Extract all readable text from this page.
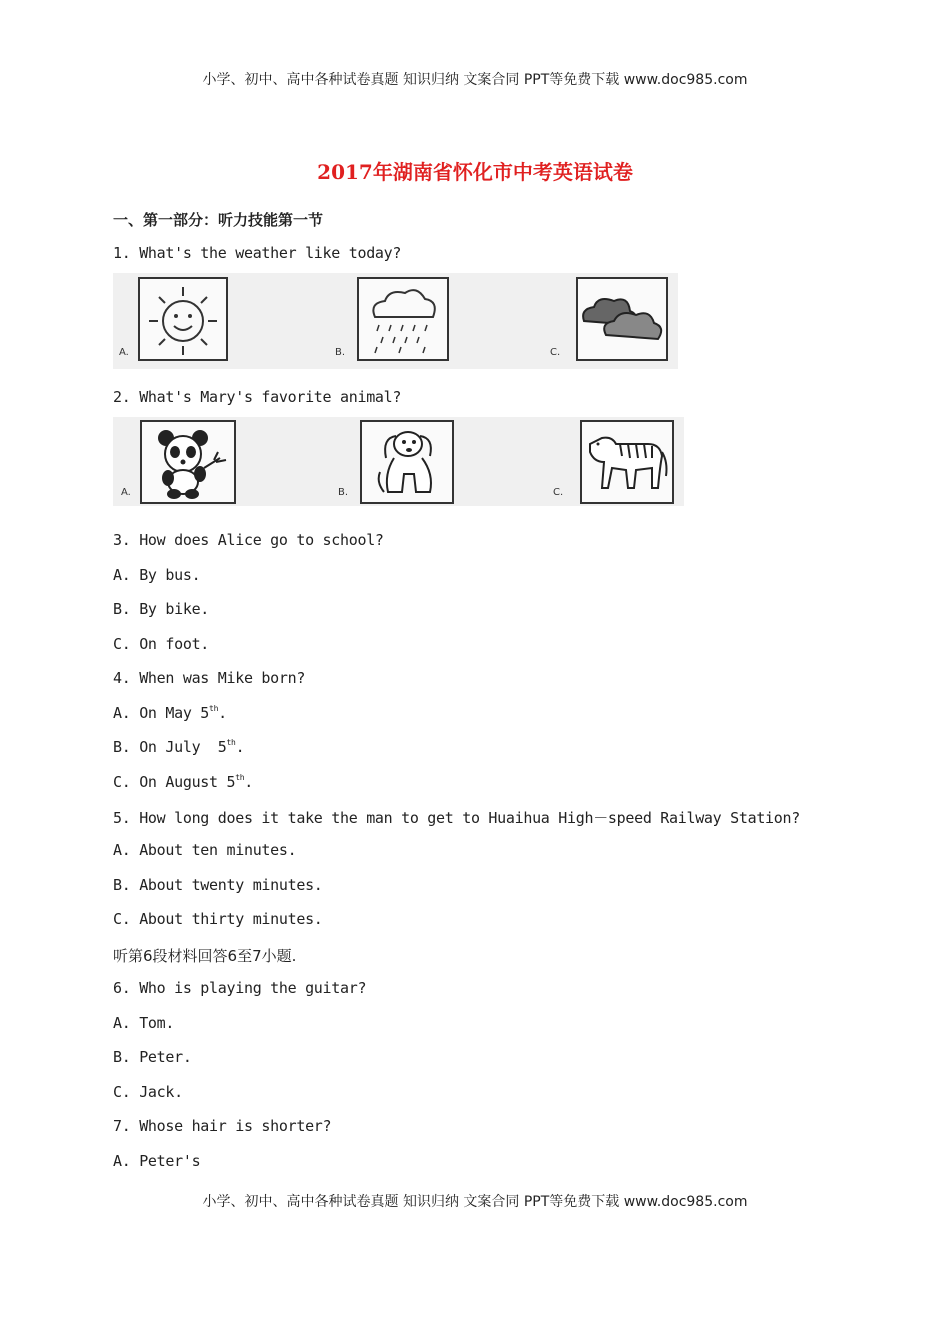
小学、初中、高中各种试卷真题 知识归纳 文案合同 PPT等免费下载 www.doc985.com
2017年湖南省怀化市中考英语试卷
一、第一部分：听力技能第一节
1. What's the weather like today?
A.	B.	C.
2. What's Mary's favorite animal?
A.	B.	C.
3. How does Alice go to school?
A. By bus.
B. By bike.
C. On foot.
4. When was Mike born?
A. On May 5th.
B. On July  5th.
C. On August 5th.
5. How long does it take the man to get to Huaihua High－speed Railway Station?
A. About ten minutes.
B. About twenty minutes.
C. About thirty minutes.
听第6段材料回答6至7小题.
6. Who is playing the guitar?
A. Tom.
B. Peter.
C. Jack.
7. Whose hair is shorter?
A. Peter's
小学、初中、高中各种试卷真题 知识归纳 文案合同 PPT等免费下载 www.doc985.com
